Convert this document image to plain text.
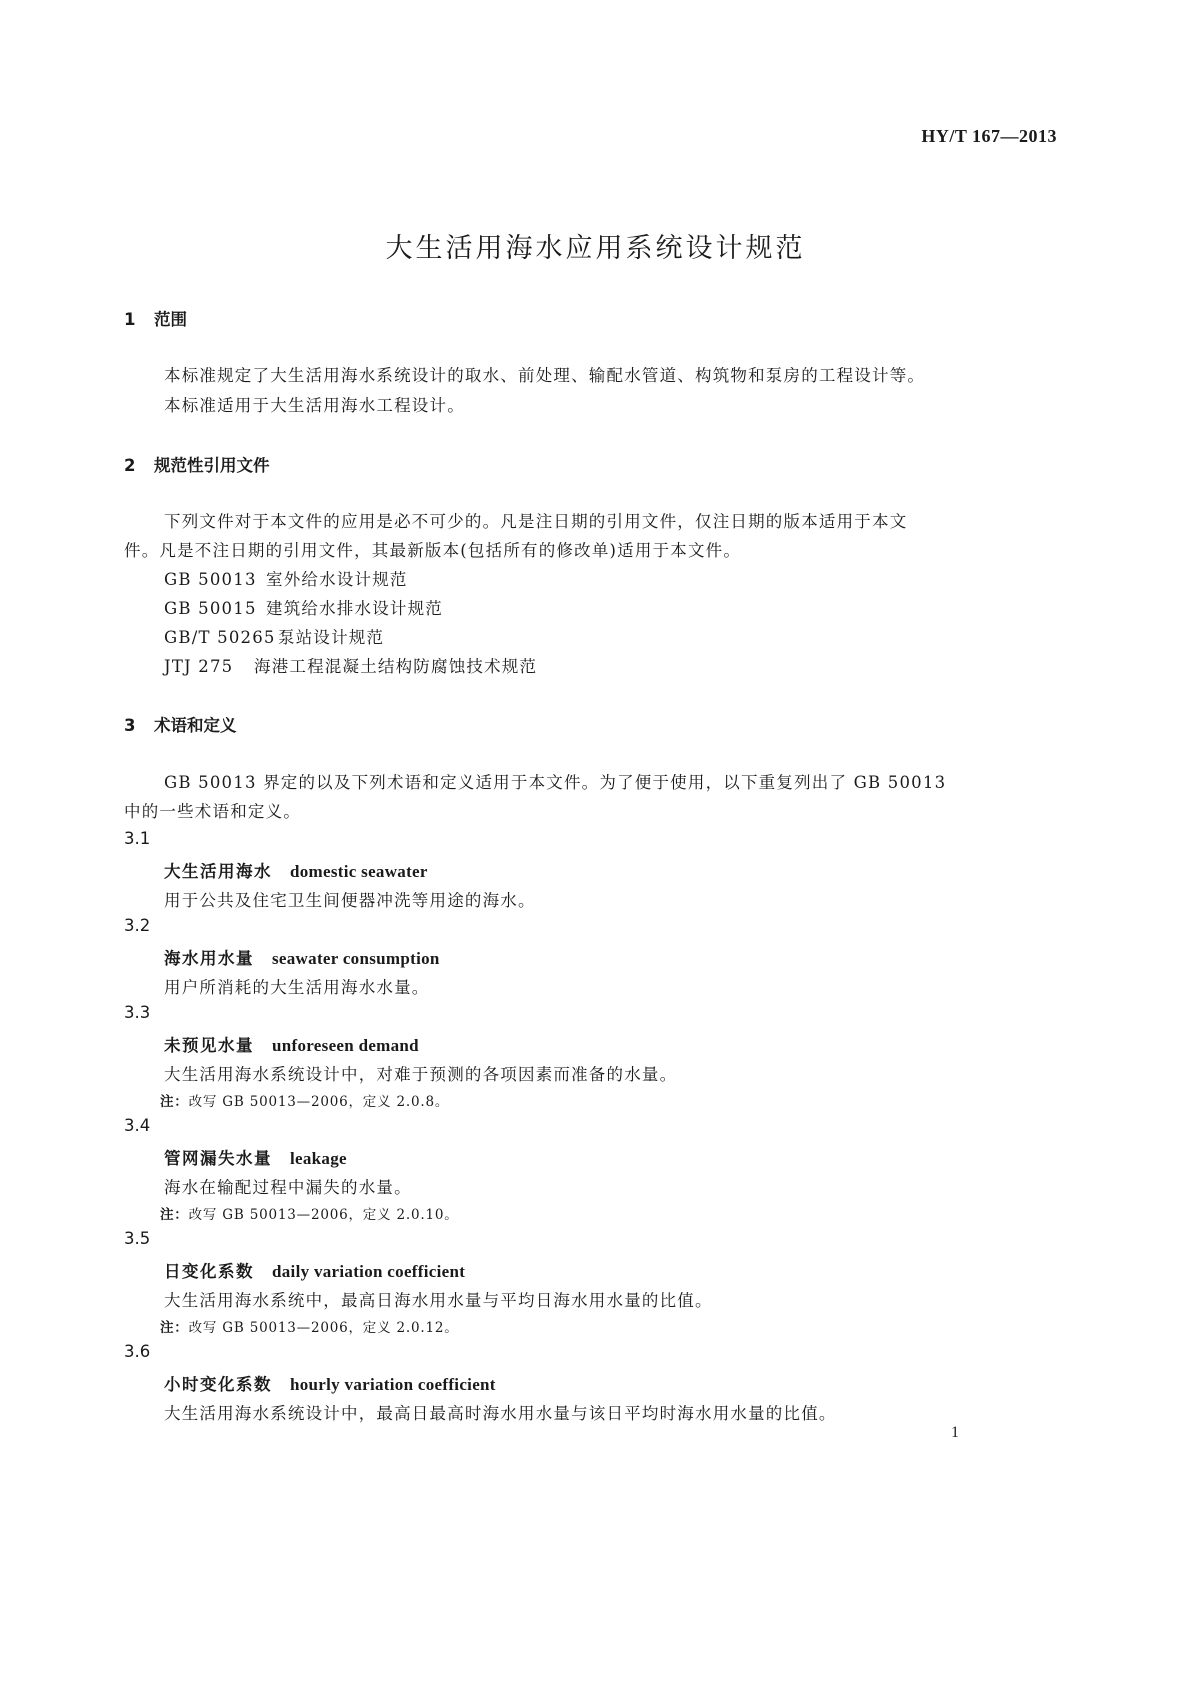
HY/T 167—2013
大生活用海水应用系统设计规范
1 范围
本标准规定了大生活用海水系统设计的取水、前处理、输配水管道、构筑物和泵房的工程设计等。
本标准适用于大生活用海水工程设计。
2 规范性引用文件
下列文件对于本文件的应用是必不可少的。凡是注日期的引用文件，仅注日期的版本适用于本文
件。凡是不注日期的引用文件，其最新版本(包括所有的修改单)适用于本文件。
GB 50013 室外给水设计规范
GB 50015 建筑给水排水设计规范
GB/T 50265 泵站设计规范
JTJ 275 海港工程混凝土结构防腐蚀技术规范
3 术语和定义
GB 50013 界定的以及下列术语和定义适用于本文件。为了便于使用，以下重复列出了 GB 50013
中的一些术语和定义。
3.1
大生活用海水 domestic seawater
用于公共及住宅卫生间便器冲洗等用途的海水。
3.2
海水用水量 seawater consumption
用户所消耗的大生活用海水水量。
3.3
未预见水量 unforeseen demand
大生活用海水系统设计中，对难于预测的各项因素而准备的水量。
注：改写 GB 50013—2006，定义 2.0.8。
3.4
管网漏失水量 leakage
海水在输配过程中漏失的水量。
注：改写 GB 50013—2006，定义 2.0.10。
3.5
日变化系数 daily variation coefficient
大生活用海水系统中，最高日海水用水量与平均日海水用水量的比值。
注：改写 GB 50013—2006，定义 2.0.12。
3.6
小时变化系数 hourly variation coefficient
大生活用海水系统设计中，最高日最高时海水用水量与该日平均时海水用水量的比值。
1
